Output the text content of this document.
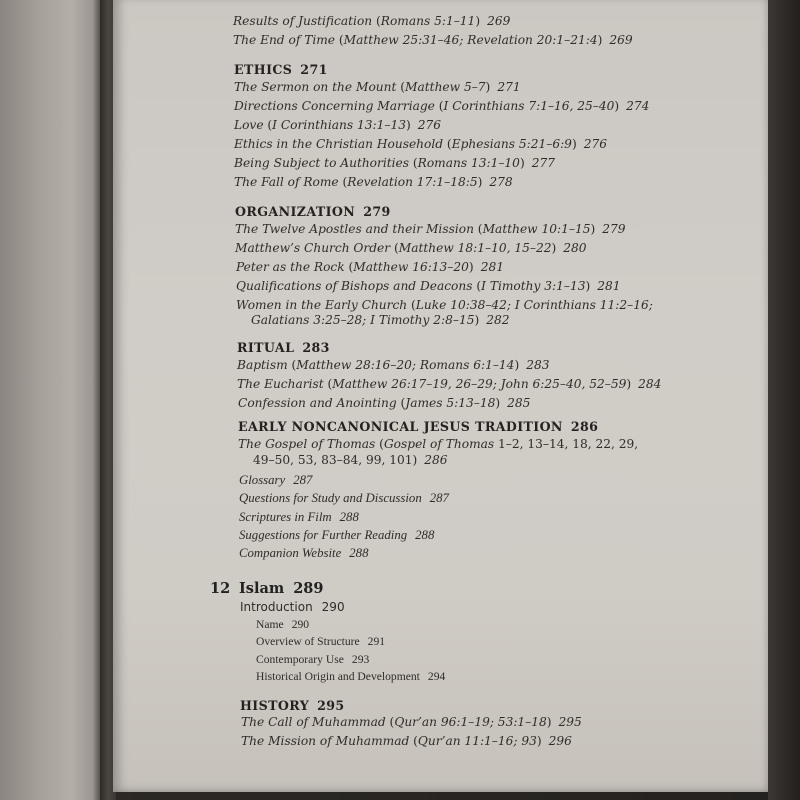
Results of Justification (Romans 5:1–11) 269
The End of Time (Matthew 25:31–46; Revelation 20:1–21:4) 269
ETHICS 271
The Sermon on the Mount (Matthew 5–7) 271
Directions Concerning Marriage (I Corinthians 7:1–16, 25–40) 274
Love (I Corinthians 13:1–13) 276
Ethics in the Christian Household (Ephesians 5:21–6:9) 276
Being Subject to Authorities (Romans 13:1–10) 277
The Fall of Rome (Revelation 17:1–18:5) 278
ORGANIZATION 279
The Twelve Apostles and their Mission (Matthew 10:1–15) 279
Matthew’s Church Order (Matthew 18:1–10, 15–22) 280
Peter as the Rock (Matthew 16:13–20) 281
Qualifications of Bishops and Deacons (I Timothy 3:1–13) 281
Women in the Early Church (Luke 10:38–42; I Corinthians 11:2–16;
Galatians 3:25–28; I Timothy 2:8–15) 282
RITUAL 283
Baptism (Matthew 28:16–20; Romans 6:1–14) 283
The Eucharist (Matthew 26:17–19, 26–29; John 6:25–40, 52–59) 284
Confession and Anointing (James 5:13–18) 285
EARLY NONCANONICAL JESUS TRADITION 286
The Gospel of Thomas (Gospel of Thomas 1–2, 13–14, 18, 22, 29,
49–50, 53, 83–84, 99, 101) 286
Glossary 287
Questions for Study and Discussion 287
Scriptures in Film 288
Suggestions for Further Reading 288
Companion Website 288
12 Islam 289
Introduction 290
Name 290
Overview of Structure 291
Contemporary Use 293
Historical Origin and Development 294
HISTORY 295
The Call of Muhammad (Qur’an 96:1–19; 53:1–18) 295
The Mission of Muhammad (Qur’an 11:1–16; 93) 296
